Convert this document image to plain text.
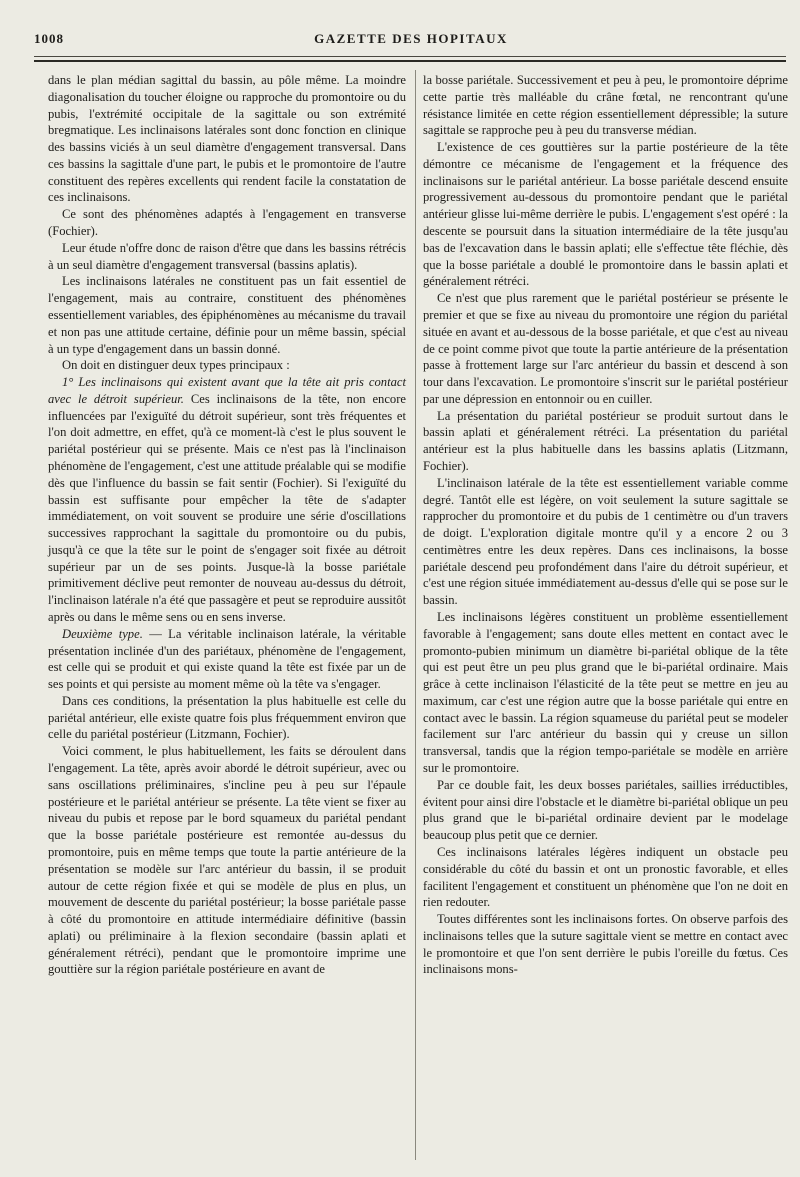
1008	GAZETTE DES HOPITAUX

dans le plan médian sagittal du bassin, au pôle même. La moindre diagonalisation du toucher éloigne ou rapproche du promontoire ou du pubis, l'extrémité occipitale de la sagittale ou son extrémité bregmatique. Les inclinaisons latérales sont donc fonction en clinique des bassins viciés à un seul diamètre d'engagement transversal. Dans ces bassins la sagittale d'une part, le pubis et le promontoire de l'autre constituent des repères excellents qui rendent facile la constatation de ces inclinaisons.

Ce sont des phénomènes adaptés à l'engagement en transverse (Fochier).

Leur étude n'offre donc de raison d'être que dans les bassins rétrécis à un seul diamètre d'engagement transversal (bassins aplatis).

Les inclinaisons latérales ne constituent pas un fait essentiel de l'engagement, mais au contraire, constituent des phénomènes essentiellement variables, des épiphénomènes au mécanisme du travail et non pas une attitude certaine, définie pour un même bassin, spécial à un type d'engagement dans un bassin donné.

On doit en distinguer deux types principaux :

1° Les inclinaisons qui existent avant que la tête ait pris contact avec le détroit supérieur. Ces inclinaisons de la tête, non encore influencées par l'exiguïté du détroit supérieur, sont très fréquentes et l'on doit admettre, en effet, qu'à ce moment-là c'est le plus souvent le pariétal postérieur qui se présente. Mais ce n'est pas là l'inclinaison phénomène de l'engagement, c'est une attitude préalable qui se modifie dès que l'influence du bassin se fait sentir (Fochier). Si l'exiguïté du bassin est suffisante pour empêcher la tête de s'adapter immédiatement, on voit souvent se produire une série d'oscillations successives rapprochant la sagittale du promontoire ou du pubis, jusqu'à ce que la tête sur le point de s'engager soit fixée au détroit supérieur par un de ses points. Jusque-là la bosse pariétale primitivement déclive peut remonter de nouveau au-dessus du détroit, l'inclinaison latérale n'a été que passagère et peut se reproduire aussitôt après ou dans le même sens ou en sens inverse.

Deuxième type. — La véritable inclinaison latérale, la véritable présentation inclinée d'un des pariétaux, phénomène de l'engagement, est celle qui se produit et qui existe quand la tête est fixée par un de ses points et qui persiste au moment même où la tête va s'engager.

Dans ces conditions, la présentation la plus habituelle est celle du pariétal antérieur, elle existe quatre fois plus fréquemment environ que celle du pariétal postérieur (Litzmann, Fochier).

Voici comment, le plus habituellement, les faits se déroulent dans l'engagement. La tête, après avoir abordé le détroit supérieur, avec ou sans oscillations préliminaires, s'incline peu à peu sur l'épaule postérieure et le pariétal antérieur se présente. La tête vient se fixer au niveau du pubis et repose par le bord squameux du pariétal pendant que la bosse pariétale postérieure est remontée au-dessus du promontoire, puis en même temps que toute la partie antérieure de la présentation se modèle sur l'arc antérieur du bassin, il se produit autour de cette région fixée et qui se modèle de plus en plus, un mouvement de descente du pariétal postérieur; la bosse pariétale passe à côté du promontoire en attitude intermédiaire définitive (bassin aplati) ou préliminaire à la flexion secondaire (bassin aplati et généralement rétréci), pendant que le promontoire imprime une gouttière sur la région pariétale postérieure en avant de

la bosse pariétale. Successivement et peu à peu, le promontoire déprime cette partie très malléable du crâne fœtal, ne rencontrant qu'une résistance limitée en cette région essentiellement dépressible; la suture sagittale se rapproche peu à peu du transverse médian.

L'existence de ces gouttières sur la partie postérieure de la tête démontre ce mécanisme de l'engagement et la fréquence des inclinaisons sur le pariétal antérieur. La bosse pariétale descend ensuite progressivement au-dessous du promontoire pendant que le pariétal antérieur glisse lui-même derrière le pubis. L'engagement s'est opéré : la descente se poursuit dans la situation intermédiaire de la tête jusqu'au bas de l'excavation dans le bassin aplati; elle s'effectue tête fléchie, dès que la bosse pariétale a doublé le promontoire dans le bassin aplati et généralement rétréci.

Ce n'est que plus rarement que le pariétal postérieur se présente le premier et que se fixe au niveau du promontoire une région du pariétal située en avant et au-dessous de la bosse pariétale, et que c'est au niveau de ce point comme pivot que toute la partie antérieure de la présentation passe à frottement large sur l'arc antérieur du bassin et descend à son tour dans l'excavation. Le promontoire s'inscrit sur le pariétal postérieur par une dépression en entonnoir ou en cuiller.

La présentation du pariétal postérieur se produit surtout dans le bassin aplati et généralement rétréci. La présentation du pariétal antérieur est la plus habituelle dans les bassins aplatis (Litzmann, Fochier).

L'inclinaison latérale de la tête est essentiellement variable comme degré. Tantôt elle est légère, on voit seulement la suture sagittale se rapprocher du promontoire et du pubis de 1 centimètre ou d'un travers de doigt. L'exploration digitale montre qu'il y a encore 2 ou 3 centimètres entre les deux repères. Dans ces inclinaisons, la bosse pariétale descend peu profondément dans l'aire du détroit supérieur, et c'est une région située immédiatement au-dessus d'elle qui se pose sur le bassin.

Les inclinaisons légères constituent un problème essentiellement favorable à l'engagement; sans doute elles mettent en contact avec le promonto-pubien minimum un diamètre bi-pariétal oblique de la tête qui est peut être un peu plus grand que le bi-pariétal ordinaire. Mais grâce à cette inclinaison l'élasticité de la tête peut se mettre en jeu au maximum, car c'est une région autre que la bosse pariétale qui entre en contact avec le bassin. La région squameuse du pariétal peut se modeler facilement sur l'arc antérieur du bassin qui y creuse un sillon transversal, tandis que la région tempo-pariétale se modèle en arrière sur le promontoire.

Par ce double fait, les deux bosses pariétales, saillies irréductibles, évitent pour ainsi dire l'obstacle et le diamètre bi-pariétal oblique un peu plus grand que le bi-pariétal ordinaire devient par le modelage beaucoup plus petit que ce dernier.

Ces inclinaisons latérales légères indiquent un obstacle peu considérable du côté du bassin et ont un pronostic favorable, et elles facilitent l'engagement et constituent un phénomène que l'on ne doit en rien redouter.

Toutes différentes sont les inclinaisons fortes. On observe parfois des inclinaisons telles que la suture sagittale vient se mettre en contact avec le promontoire et que l'on sent derrière le pubis l'oreille du fœtus. Ces inclinaisons mons-
